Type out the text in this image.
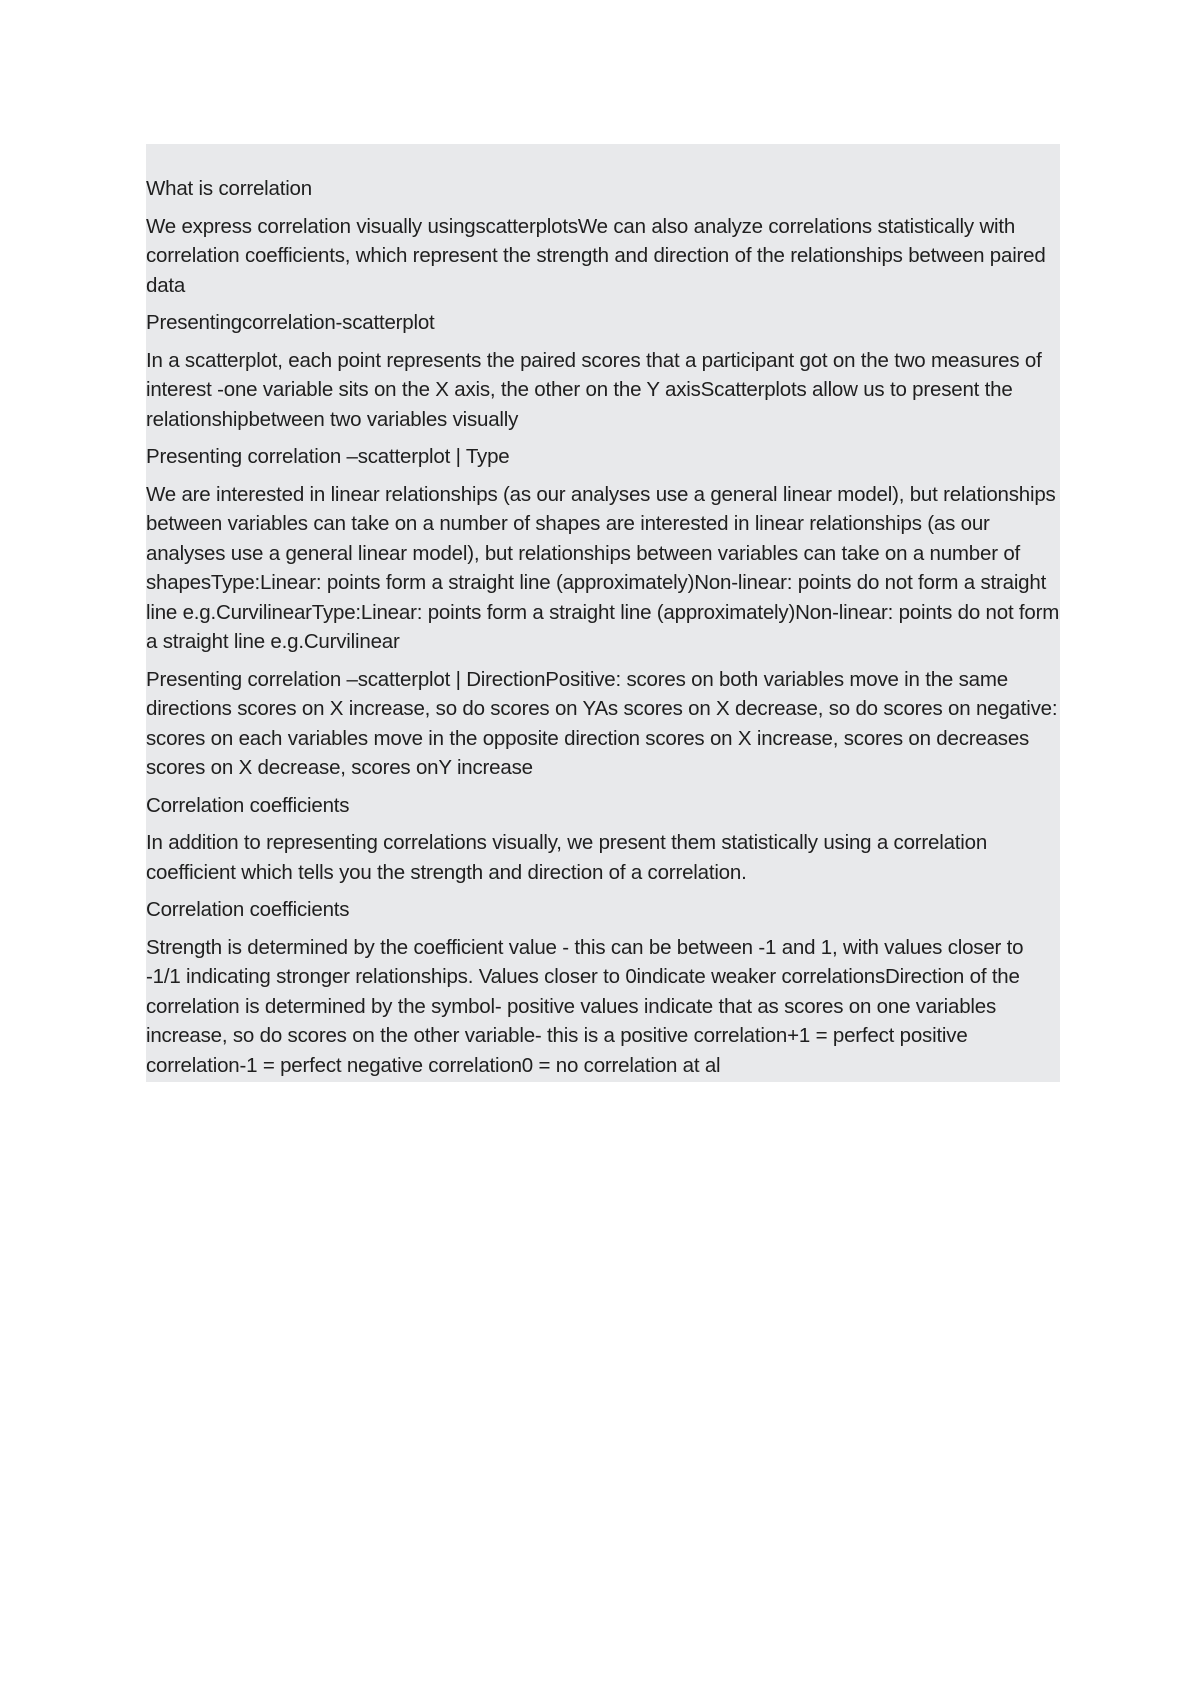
What is correlation

We express correlation visually usingscatterplotsWe can also analyze correlations statistically with correlation coefficients, which represent the strength and direction of the relationships between paired data

Presentingcorrelation-scatterplot

In a scatterplot, each point represents the paired scores that a participant got on the two measures of interest -one variable sits on the X axis, the other on the Y axisScatterplots allow us to present the relationshipbetween two variables visually

Presenting correlation –scatterplot | Type

We are interested in linear relationships (as our analyses use a general linear model), but relationships between variables can take on a number of shapes are interested in linear relationships (as our analyses use a general linear model), but relationships between variables can take on a number of shapesType:Linear: points form a straight line (approximately)Non-linear: points do not form a straight line e.g.CurvilinearType:Linear: points form a straight line (approximately)Non-linear: points do not form a straight line e.g.Curvilinear

Presenting correlation –scatterplot | DirectionPositive: scores on both variables move in the same directions scores on X increase, so do scores on YAs scores on X decrease, so do scores on negative: scores on each variables move in the opposite direction scores on X increase, scores on decreases scores on X decrease, scores onY increase

Correlation coefficients

In addition to representing correlations visually, we present them statistically using a correlation coefficient which tells you the strength and direction of a correlation.

Correlation coefficients

Strength is determined by the coefficient value - this can be between -1 and 1, with values closer to -1/1 indicating stronger relationships. Values closer to 0indicate weaker correlationsDirection of the correlation is determined by the symbol- positive values indicate that as scores on one variables increase, so do scores on the other variable- this is a positive correlation+1 = perfect positive correlation-1 = perfect negative correlation0 = no correlation at al
